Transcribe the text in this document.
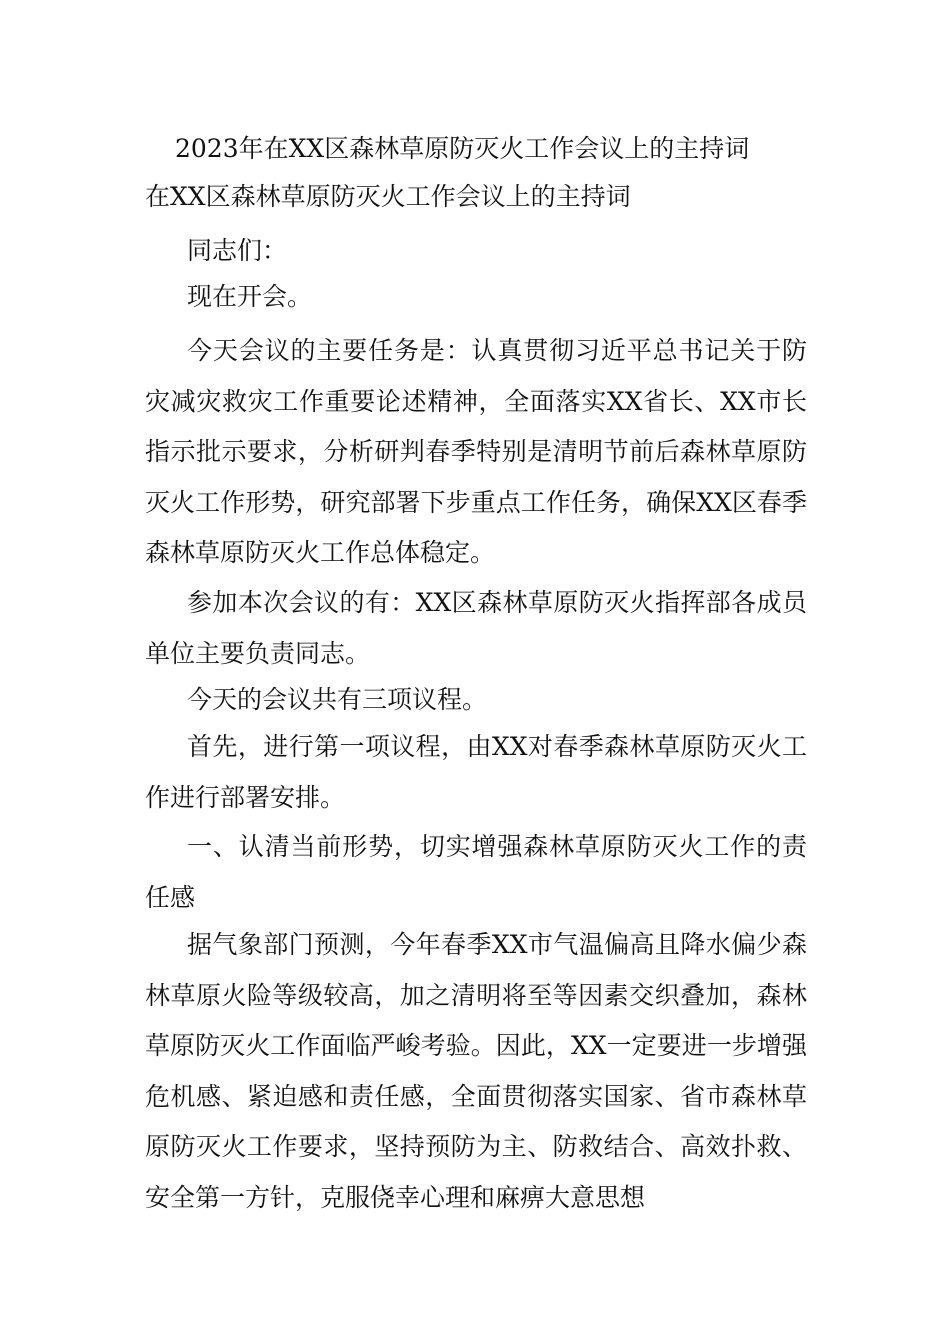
2023年在XX区森林草原防灭火工作会议上的主持词
在XX区森林草原防灭火工作会议上的主持词
同志们：
现在开会。
今天会议的主要任务是：认真贯彻习近平总书记关于防灾减灾救灾工作重要论述精神，全面落实XX省长、XX市长指示批示要求，分析研判春季特别是清明节前后森林草原防灭火工作形势，研究部署下步重点工作任务，确保XX区春季森林草原防灭火工作总体稳定。
参加本次会议的有：XX区森林草原防灭火指挥部各成员单位主要负责同志。
今天的会议共有三项议程。
首先，进行第一项议程，由XX对春季森林草原防灭火工作进行部署安排。
一、认清当前形势，切实增强森林草原防灭火工作的责任感
据气象部门预测，今年春季XX市气温偏高且降水偏少森林草原火险等级较高，加之清明将至等因素交织叠加，森林草原防灭火工作面临严峻考验。因此，XX一定要进一步增强危机感、紧迫感和责任感，全面贯彻落实国家、省市森林草原防灭火工作要求，坚持预防为主、防救结合、高效扑救、安全第一方针，克服侥幸心理和麻痹大意思想
